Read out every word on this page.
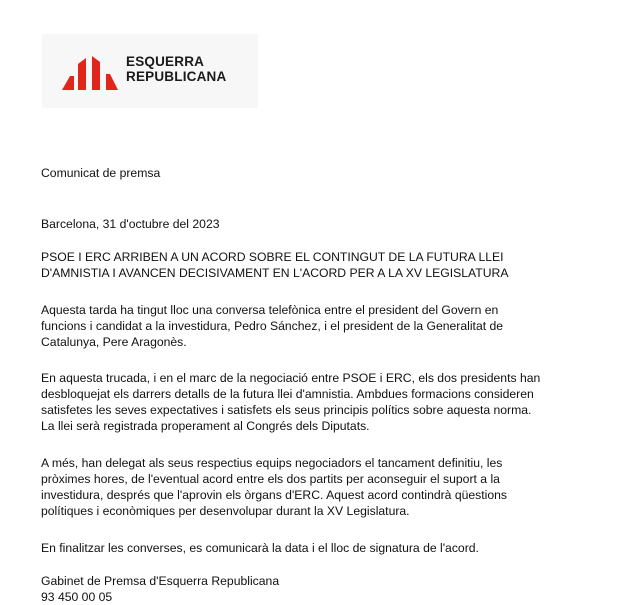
ESQUERRA
REPUBLICANA

Comunicat de premsa

Barcelona, 31 d'octubre del 2023

PSOE I ERC ARRIBEN A UN ACORD SOBRE EL CONTINGUT DE LA FUTURA LLEI
D'AMNISTIA I AVANCEN DECISIVAMENT EN L'ACORD PER A LA XV LEGISLATURA

Aquesta tarda ha tingut lloc una conversa telefònica entre el president del Govern en
funcions i candidat a la investidura, Pedro Sánchez, i el president de la Generalitat de
Catalunya, Pere Aragonès.

En aquesta trucada, i en el marc de la negociació entre PSOE i ERC, els dos presidents han
desbloquejat els darrers detalls de la futura llei d'amnistia. Ambdues formacions consideren
satisfetes les seves expectatives i satisfets els seus principis polítics sobre aquesta norma.
La llei serà registrada properament al Congrés dels Diputats.

A més, han delegat als seus respectius equips negociadors el tancament definitiu, les
pròximes hores, de l'eventual acord entre els dos partits per aconseguir el suport a la
investidura, després que l'aprovin els òrgans d'ERC. Aquest acord contindrà qüestions
polítiques i econòmiques per desenvolupar durant la XV Legislatura.

En finalitzar les converses, es comunicarà la data i el lloc de signatura de l'acord.

Gabinet de Premsa d'Esquerra Republicana

93 450 00 05
